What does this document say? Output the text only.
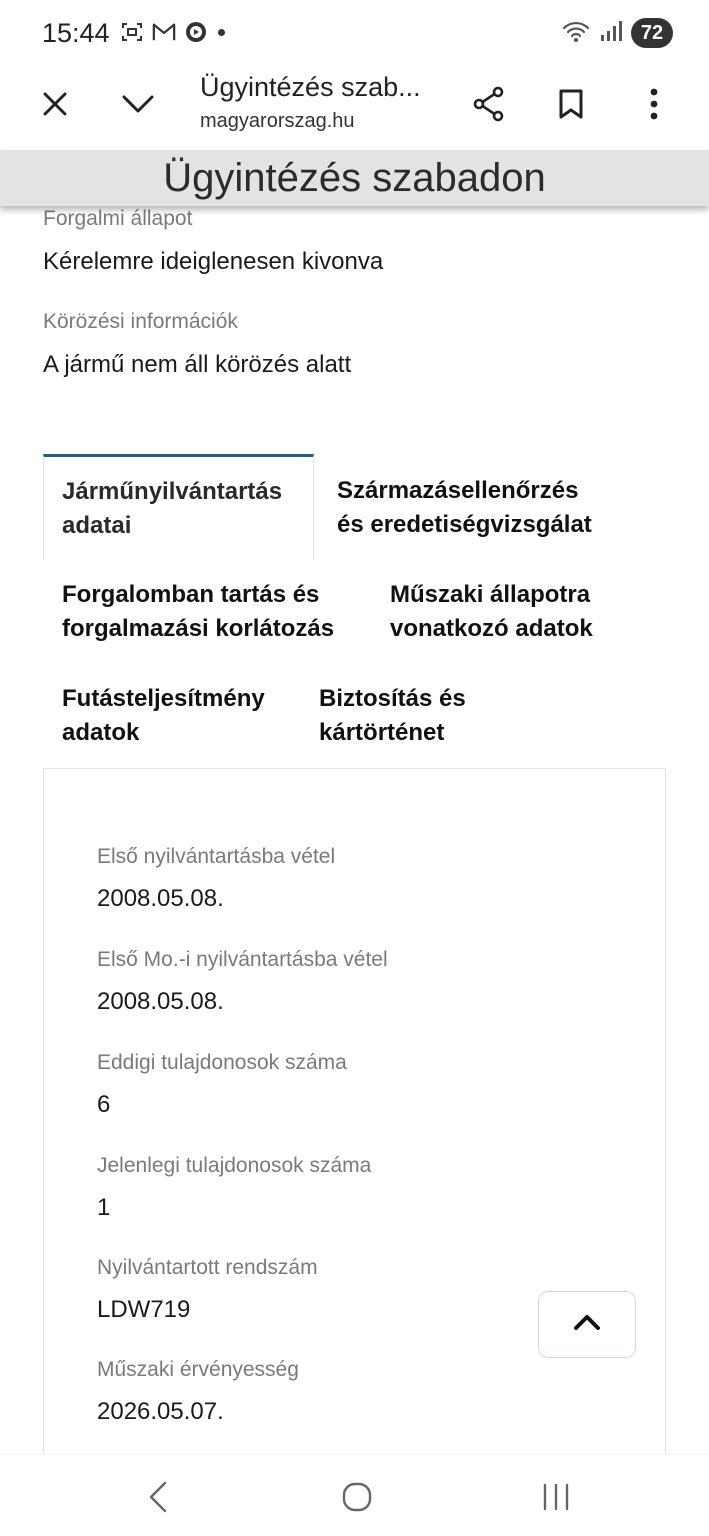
15:44	72
Ügyintézés szab...
magyarorszag.hu
Ügyintézés szabadon
Forgalmi állapot
Kérelemre ideiglenesen kivonva
Körözési információk
A jármű nem áll körözés alatt
Járműnyilvántartás
adatai
Származásellenőrzés
és eredetiségvizsgálat
Forgalomban tartás és
forgalmazási korlátozás
Műszaki állapotra
vonatkozó adatok
Futásteljesítmény
adatok
Biztosítás és
kártörténet
Első nyilvántartásba vétel
2008.05.08.
Első Mo.-i nyilvántartásba vétel
2008.05.08.
Eddigi tulajdonosok száma
6
Jelenlegi tulajdonosok száma
1
Nyilvántartott rendszám
LDW719
Műszaki érvényesség
2026.05.07.
